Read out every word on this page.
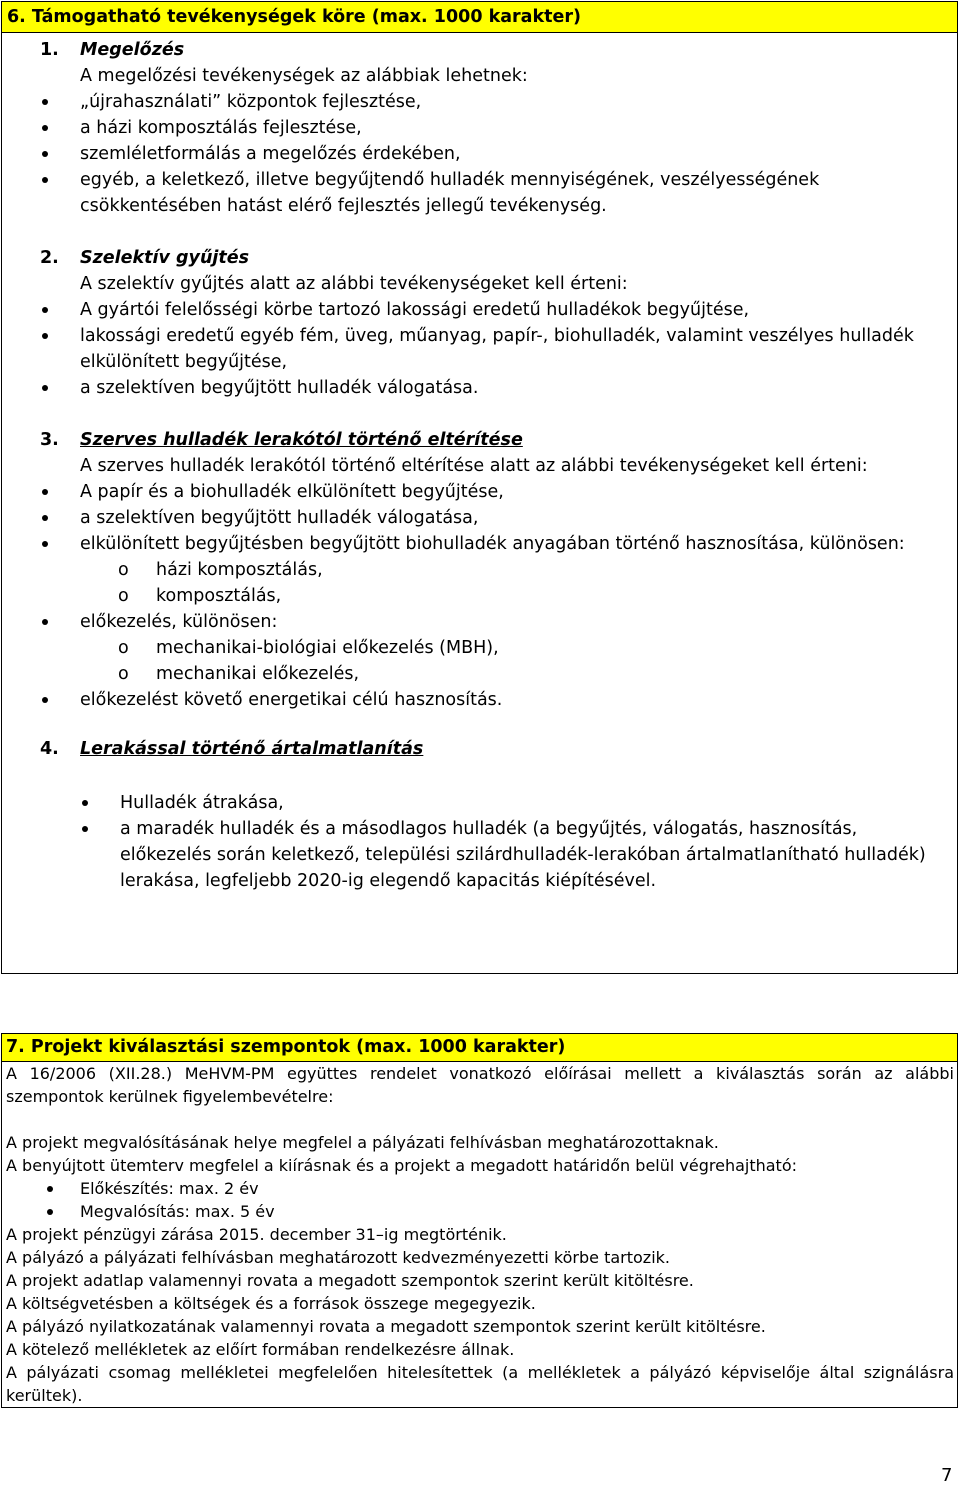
6. Támogatható tevékenységek köre (max. 1000 karakter)
1. Megelőzés
A megelőzési tevékenységek az alábbiak lehetnek:
„újrahasználati” központok fejlesztése,
a házi komposztálás fejlesztése,
szemléletformálás a megelőzés érdekében,
egyéb, a keletkező, illetve begyűjtendő hulladék mennyiségének, veszélyességének csökkentésében hatást elérő fejlesztés jellegű tevékenység.
2. Szelektív gyűjtés
A szelektív gyűjtés alatt az alábbi tevékenységeket kell érteni:
A gyártói felelősségi körbe tartozó lakossági eredetű hulladékok begyűjtése,
lakossági eredetű egyéb fém, üveg, műanyag, papír-, biohulladék, valamint veszélyes hulladék elkülönített begyűjtése,
a szelektíven begyűjtött hulladék válogatása.
3. Szerves hulladék lerakótól történő eltérítése
A szerves hulladék lerakótól történő eltérítése alatt az alábbi tevékenységeket kell érteni:
A papír és a biohulladék elkülönített begyűjtése,
a szelektíven begyűjtött hulladék válogatása,
elkülönített begyűjtésben begyűjtött biohulladék anyagában történő hasznosítása, különösen:
o házi komposztálás,
o komposztálás,
előkezelés, különösen:
o mechanikai-biológiai előkezelés (MBH),
o mechanikai előkezelés,
előkezelést követő energetikai célú hasznosítás.
4. Lerakással történő ártalmatlanítás
Hulladék átrakása,
a maradék hulladék és a másodlagos hulladék (a begyűjtés, válogatás, hasznosítás, előkezelés során keletkező, települési szilárdhulladék-lerakóban ártalmatlanítható hulladék) lerakása, legfeljebb 2020-ig elegendő kapacitás kiépítésével.
7. Projekt kiválasztási szempontok (max. 1000 karakter)
A 16/2006 (XII.28.) MeHVM-PM együttes rendelet vonatkozó előírásai mellett a kiválasztás során az alábbi szempontok kerülnek figyelembevételre:
A projekt megvalósításának helye megfelel a pályázati felhívásban meghatározottaknak.
A benyújtott ütemterv megfelel a kiírásnak és a projekt a megadott határidőn belül végrehajtható:
Előkészítés: max. 2 év
Megvalósítás: max. 5 év
A projekt pénzügyi zárása 2015. december 31–ig megtörténik.
A pályázó a pályázati felhívásban meghatározott kedvezményezetti körbe tartozik.
A projekt adatlap valamennyi rovata a megadott szempontok szerint került kitöltésre.
A költségvetésben a költségek és a források összege megegyezik.
A pályázó nyilatkozatának valamennyi rovata a megadott szempontok szerint került kitöltésre.
A kötelező mellékletek az előírt formában rendelkezésre állnak.
A pályázati csomag mellékletei megfelelően hitelesítettek (a mellékletek a pályázó képviselője által szignálásra kerültek).
7
